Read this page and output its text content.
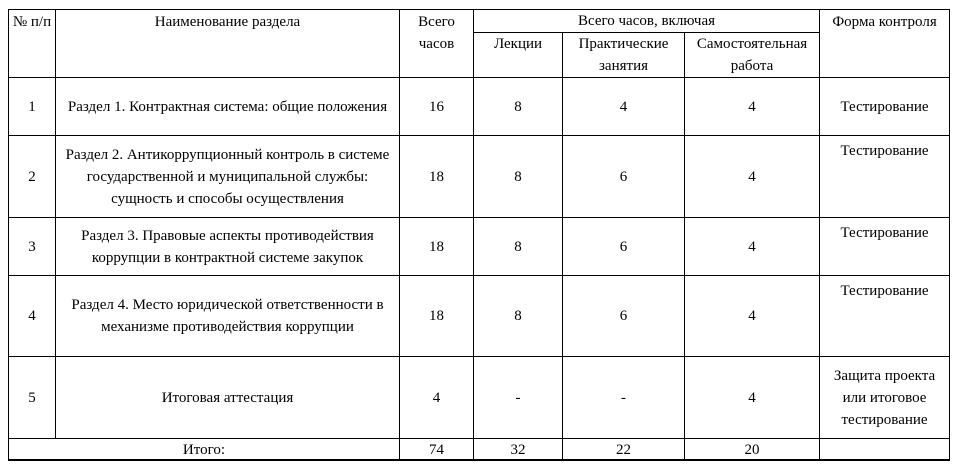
№ п/п	Наименование раздела	Всего часов	Всего часов, включая			Форма контроля
			Лекции	Практические занятия	Самостоятельная работа	
1	Раздел 1. Контрактная система: общие положения	16	8	4	4	Тестирование
2	Раздел 2. Антикоррупционный контроль в системе государственной и муниципальной службы: сущность и способы осуществления	18	8	6	4	Тестирование
3	Раздел 3. Правовые аспекты противодействия коррупции в контрактной системе закупок	18	8	6	4	Тестирование
4	Раздел 4. Место юридической ответственности в механизме противодействия коррупции	18	8	6	4	Тестирование
5	Итоговая аттестация	4	-	-	4	Защита проекта или итоговое тестирование
Итого:		74	32	22	20	
